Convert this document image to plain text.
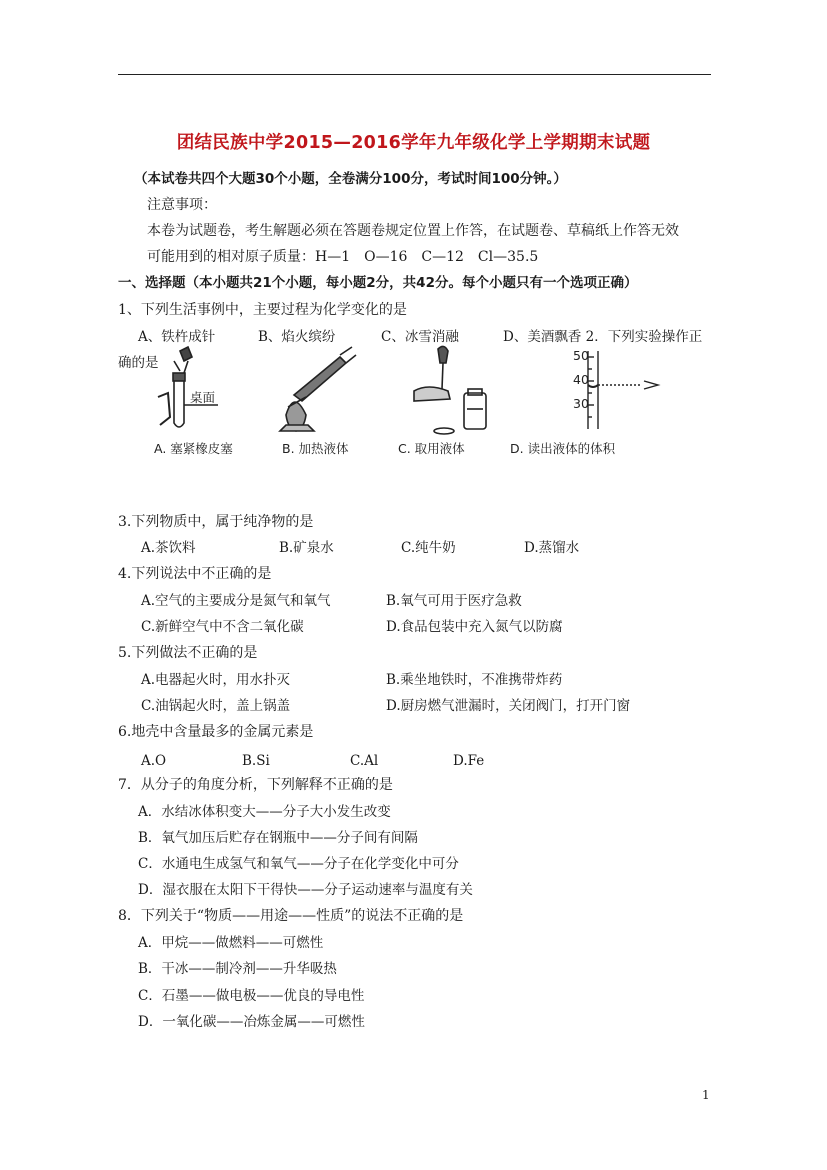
团结民族中学2015—2016学年九年级化学上学期期末试题
（本试卷共四个大题30个小题，全卷满分100分，考试时间100分钟。）
注意事项：
本卷为试题卷，考生解题必须在答题卷规定位置上作答，在试题卷、草稿纸上作答无效
可能用到的相对原子质量：H—1　O—16　C—12　Cl—35.5
一、选择题（本小题共21个小题，每小题2分，共42分。每个小题只有一个选项正确）
1、下列生活事例中，主要过程为化学变化的是
A、铁杵成针	B、焰火缤纷	C、冰雪消融	D、美酒飘香 2．下列实验操作正
确的是
桌面
50
40
30
A. 塞紧橡皮塞	B. 加热液体	C. 取用液体	D. 读出液体的体积
3.下列物质中，属于纯净物的是
A.茶饮料	B.矿泉水	C.纯牛奶	D.蒸馏水
4.下列说法中不正确的是
A.空气的主要成分是氮气和氧气	B.氧气可用于医疗急救
C.新鲜空气中不含二氧化碳	D.食品包装中充入氮气以防腐
5.下列做法不正确的是
A.电器起火时，用水扑灭	B.乘坐地铁时，不准携带炸药
C.油锅起火时，盖上锅盖	D.厨房燃气泄漏时，关闭阀门，打开门窗
6.地壳中含量最多的金属元素是
A.O	B.Si	C.Al	D.Fe
7．从分子的角度分析，下列解释不正确的是
A．水结冰体积变大——分子大小发生改变
B．氧气加压后贮存在钢瓶中——分子间有间隔
C．水通电生成氢气和氧气——分子在化学变化中可分
D．湿衣服在太阳下干得快——分子运动速率与温度有关
8．下列关于“物质——用途——性质”的说法不正确的是
A．甲烷——做燃料——可燃性
B．干冰——制冷剂——升华吸热
C．石墨——做电极——优良的导电性
D．一氧化碳——冶炼金属——可燃性
1
